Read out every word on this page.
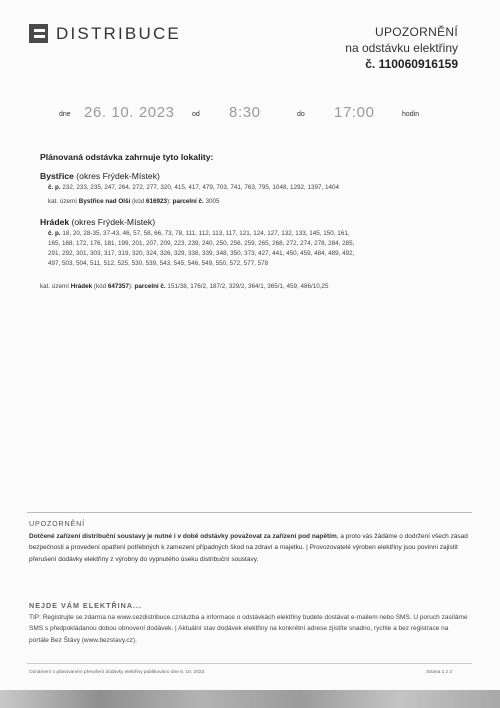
DISTRIBUCE	UPOZORNĚNÍ
na odstávku elektřiny
č. 110060916159
dne 26. 10. 2023 od 8:30	do 17:00	hodin
Plánovaná odstávka zahrnuje tyto lokality:
Bystřice (okres Frýdek-Místek)
č. p. 232, 233, 235, 247, 264, 272, 277, 320, 415, 417, 479, 703, 741, 763, 795, 1048, 1292, 1397, 1404
kat. území Bystřice nad Olší (kód 616923): parcelní č. 3005
Hrádek (okres Frýdek-Místek)
č. p. 18, 20, 28-35, 37-43, 46, 57, 58, 66, 73, 78, 111, 112, 113, 117, 121, 124, 127, 132, 133, 145, 150, 161,
165, 168, 172, 176, 181, 199, 201, 207, 209, 223, 239, 240, 250, 256, 259, 265, 268, 272, 274, 278, 284, 285,
291, 292, 301, 303, 317, 319, 320, 324, 326, 329, 338, 339, 348, 350, 373, 427, 441, 450, 459, 484, 489, 492,
497, 503, 504, 511, 512, 525, 530, 539, 543, 545, 546, 549, 550, 572, 577, 578
kat. území Hrádek (kód 647357): parcelní č. 151/38, 176/2, 187/2, 329/2, 364/1, 365/1, 459, 486/10,25
UPOZORNĚNÍ
Dotčené zařízení distribuční soustavy je nutné i v době odstávky považovat za zařízení pod napětím, a proto vás žádáme o dodržení všech zásad bezpečnosti a provedení opatření potřebných k zamezení případných škod na zdraví a majetku. | Provozovatelé výroben elektřiny jsou povinni zajistit přerušení dodávky elektřiny z výrobny do vypnutého úseku distribuční soustavy.
NEJDE VÁM ELEKTŘINA...
TIP: Registrujte se zdarma na www.cezdistribuce.cz/sluzba a informace o odstávkách elektřiny budete dostávat e-mailem nebo SMS. U poruch zasíláme SMS s předpokládanou dobou obnovení dodávek. | Aktuální stav dodávek elektřiny na konkrétní adrese zjistíte snadno, rychle a bez registrace na portále Bez Štávy (www.bezstavy.cz).
Oznámení o plánovaném přerušení dodávky elektřiny publikováno dne 6. 10. 2023.	Strana 1 z 2
